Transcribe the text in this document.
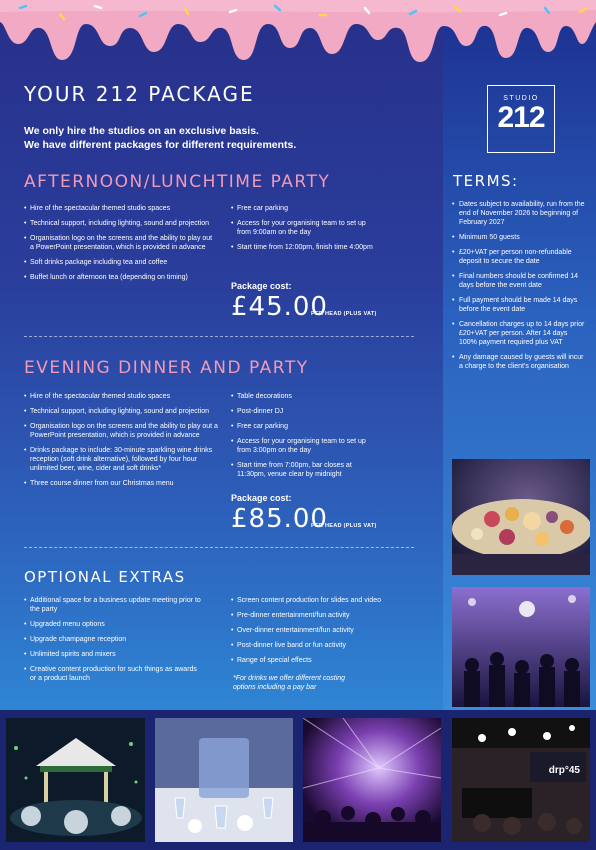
YOUR 212 PACKAGE
We only hire the studios on an exclusive basis.
We have different packages for different requirements.
STUDIO
212
AFTERNOON/LUNCHTIME PARTY
• Hire of the spectacular themed studio spaces
• Technical support, including lighting, sound and projection
• Organisation logo on the screens and the ability to play out a PowerPoint presentation, which is provided in advance
• Soft drinks package including tea and coffee
• Buffet lunch or afternoon tea (depending on timing)
• Free car parking
• Access for your organising team to set up from 9:00am on the day
• Start time from 12:00pm, finish time 4:00pm
Package cost:
£45.00
PER HEAD (PLUS VAT)
EVENING DINNER AND PARTY
• Hire of the spectacular themed studio spaces
• Technical support, including lighting, sound and projection
• Organisation logo on the screens and the ability to play out a PowerPoint presentation, which is provided in advance
• Drinks package to include: 30-minute sparkling wine drinks reception (soft drink alternative), followed by four hour unlimited beer, wine, cider and soft drinks*
• Three course dinner from our Christmas menu
• Table decorations
• Post-dinner DJ
• Free car parking
• Access for your organising team to set up from 3:00pm on the day
• Start time from 7:00pm, bar closes at 11:30pm, venue clear by midnight
Package cost:
£85.00
PER HEAD (PLUS VAT)
OPTIONAL EXTRAS
• Additional space for a business update meeting prior to the party
• Upgraded menu options
• Upgrade champagne reception
• Unlimited spirits and mixers
• Creative content production for such things as awards or a product launch
• Screen content production for slides and video
• Pre-dinner entertainment/fun activity
• Over-dinner entertainment/fun activity
• Post-dinner live band or fun activity
• Range of special effects
*For drinks we offer different costing
options including a pay bar
TERMS:
• Dates subject to availability, run from the end of November 2026 to beginning of February 2027
• Minimum 50 guests
• £20+VAT per person non-refundable deposit to secure the date
• Final numbers should be confirmed 14 days before the event date
• Full payment should be made 14 days before the event date
• Cancellation charges up to 14 days prior £20+VAT per person. After 14 days 100% payment required plus VAT
• Any damage caused by guests will incur a charge to the client's organisation
drp°45
